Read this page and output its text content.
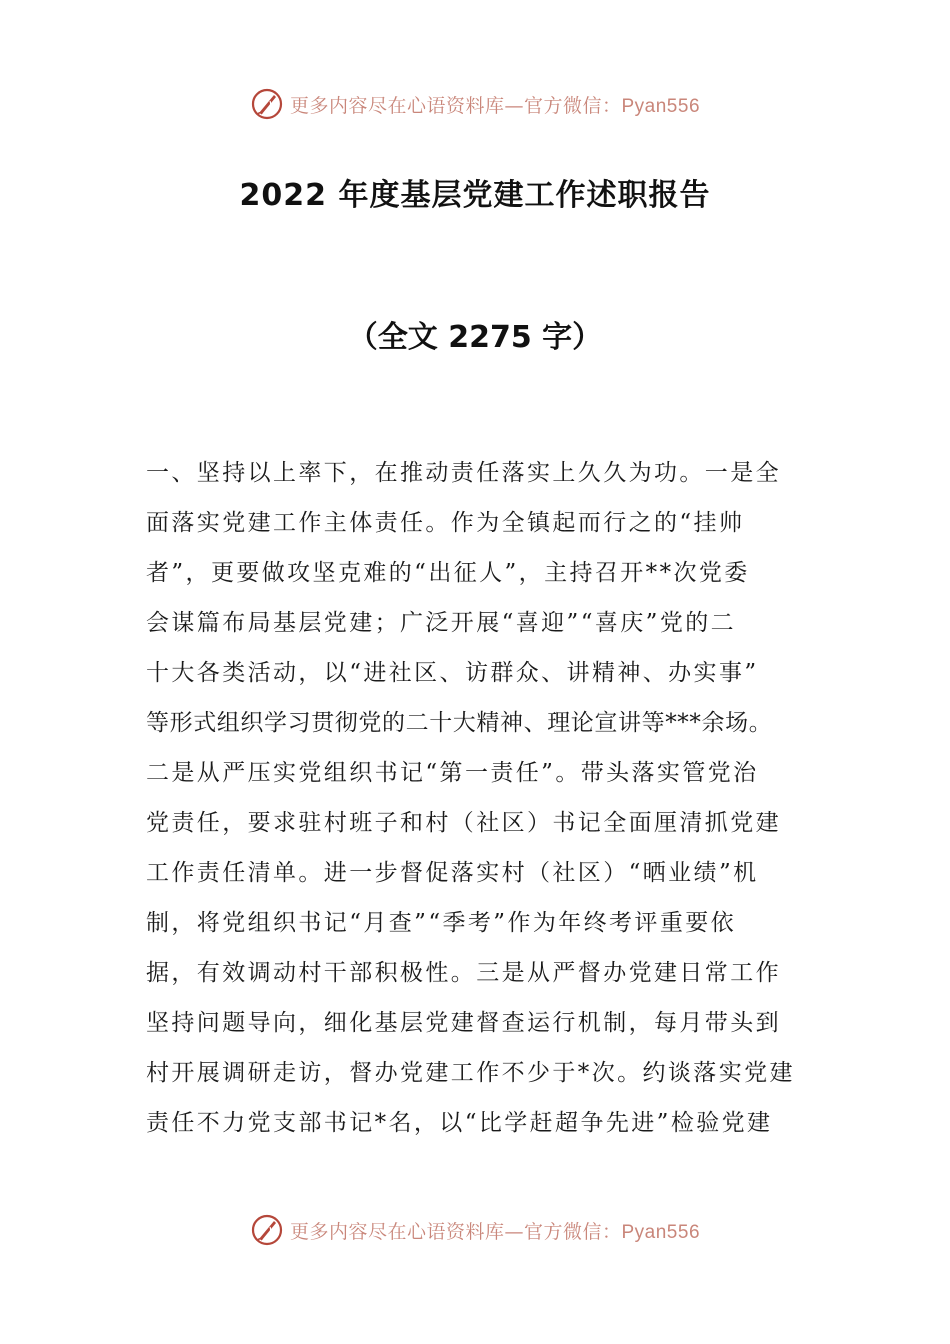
更多内容尽在心语资料库—官方微信：Pyan556
2022 年度基层党建工作述职报告
（全文 2275 字）
一、坚持以上率下，在推动责任落实上久久为功。一是全
面落实党建工作主体责任。作为全镇起而行之的“挂帅
者”，更要做攻坚克难的“出征人”，主持召开**次党委
会谋篇布局基层党建；广泛开展“喜迎”“喜庆”党的二
十大各类活动，以“进社区、访群众、讲精神、办实事”
等形式组织学习贯彻党的二十大精神、理论宣讲等***余场。
二是从严压实党组织书记“第一责任”。带头落实管党治
党责任，要求驻村班子和村（社区）书记全面厘清抓党建
工作责任清单。进一步督促落实村（社区）“晒业绩”机
制，将党组织书记“月查”“季考”作为年终考评重要依
据，有效调动村干部积极性。三是从严督办党建日常工作
坚持问题导向，细化基层党建督查运行机制，每月带头到
村开展调研走访，督办党建工作不少于*次。约谈落实党建
责任不力党支部书记*名，以“比学赶超争先进”检验党建
更多内容尽在心语资料库—官方微信：Pyan556
